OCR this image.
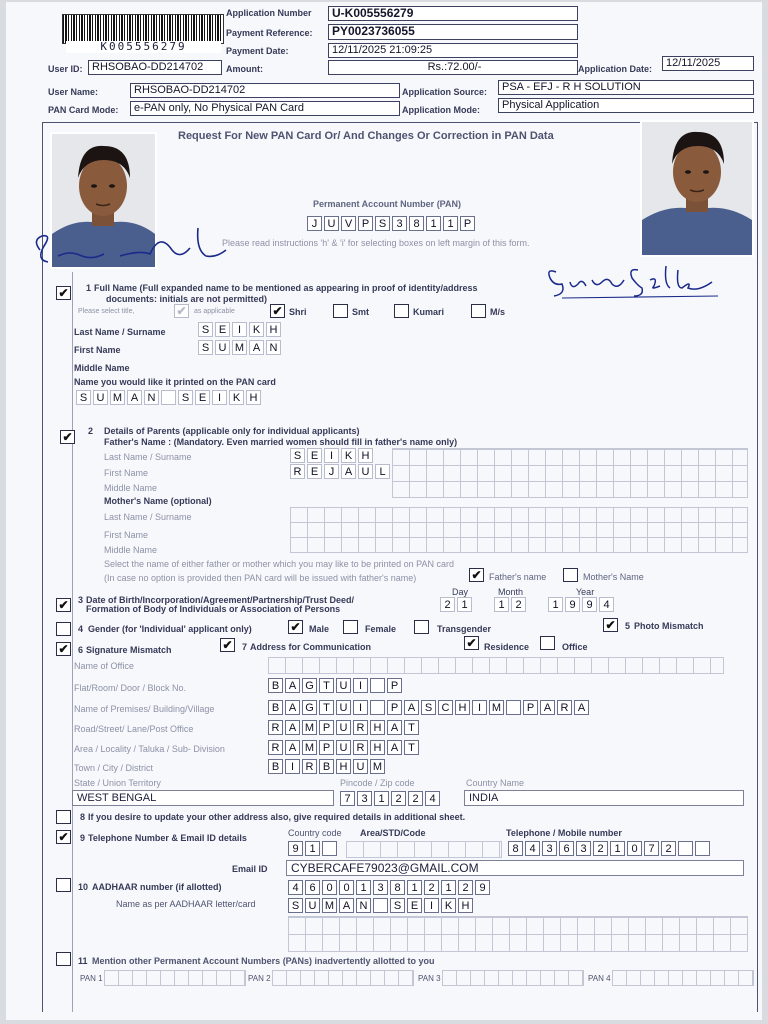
K005556279
Application Number	U-K005556279
Payment Reference:	PY0023736055
Payment Date:	12/11/2025 21:09:25
User ID: RHSOBAO-DD214702	Amount:	Rs.:72.00/-	Application Date:	12/11/2025
User Name:	RHSOBAO-DD214702	Application Source:	PSA - EFJ - R H SOLUTION
PAN Card Mode:	e-PAN only, No Physical PAN Card	Application Mode:	Physical Application
Request For New PAN Card Or/ And Changes Or Correction in PAN Data
Permanent Account Number (PAN)
J U V P S 3 8 1 1 P
Please read instructions 'h' & 'i' for selecting boxes on left margin of this form.
✔ 1 Full Name (Full expanded name to be mentioned as appearing in proof of identity/address
documents: initials are not permitted)
Please select title,	✔	as applicable	✔ Shri	Smt	Kumari	M/s
Last Name / Surname	S E	I	K H
First Name	S U M A N
Middle Name
Name you would like it printed on the PAN card
S U M A N	S E	I	K H
✔ 2 Details of Parents (applicable only for individual applicants)
Father's Name : (Mandatory. Even married women should fill in father's name only)
Last Name / Surname	S E	I	K H
First Name	R E J A U L
Middle Name
Mother's Name (optional)
Last Name / Surname
First Name
Middle Name
Select the name of either father or mother which you may like to be printed on PAN card
(In case no option is provided then PAN card will be issued with father's name)	✔ Father's name	Mother's Name
✔ 3 Date of Birth/Incorporation/Agreement/Partnership/Trust Deed/
Formation of Body of Individuals or Association of Persons
Day	Month	Year
2 1	1 2	1 9 9 4
4 Gender (for 'Individual' applicant only)	✔ Male	Female	Transgender	✔ 5 Photo Mismatch
✔ 6 Signature Mismatch	✔ 7 Address for Communication	✔ Residence	Office
Name of Office
Flat/Room/ Door / Block No.	B A G T U	I	P
Name of Premises/ Building/Village	B A G T U	I	P A S C H	I M	P A R A
Road/Street/ Lane/Post Office	R A M P U R H A T
Area / Locality / Taluka / Sub- Division	R A M P U R H A T
Town / City / District	B	I	R B H U M
State / Union Territory	Pincode / Zip code	Country Name
WEST BENGAL	7 3 1 2 2 4	INDIA
8 If you desire to update your other address also, give required details in additional sheet.
✔ 9 Telephone Number & Email ID details	Country code Area/STD/Code	Telephone / Mobile number
9 1	8 4 3 6 3 2 1 0 7 2
Email ID	CYBERCAFE79023@GMAIL.COM
10 AADHAAR number (if allotted)	4 6 0 0 1 3 8 1 2 1 2 9
Name as per AADHAAR letter/card	S U M A N	S E	I	K H
11 Mention other Permanent Account Numbers (PANs) inadvertently allotted to you
PAN 1	PAN 2	PAN 3	PAN 4
